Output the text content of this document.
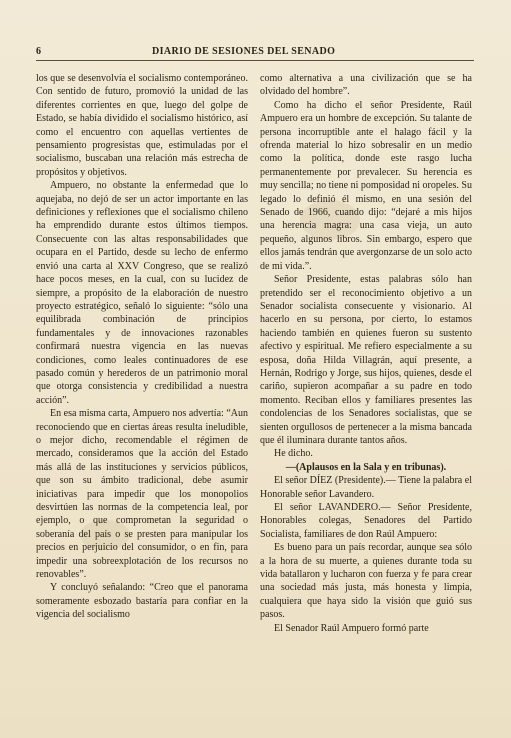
6	DIARIO DE SESIONES DEL SENADO

los que se desenvolvía el socialismo contemporáneo. Con sentido de futuro, promovió la unidad de las diferentes corrientes en que, luego del golpe de Estado, se había dividido el socialismo histórico, así como el encuentro con aquellas vertientes de pensamiento progresistas que, estimuladas por el socialismo, buscaban una relación más estrecha de propósitos y objetivos.

Ampuero, no obstante la enfermedad que lo aquejaba, no dejó de ser un actor importante en las definiciones y reflexiones que el socialismo chileno ha emprendido durante estos últimos tiempos. Consecuente con las altas responsabilidades que ocupara en el Partido, desde su lecho de enfermo envió una carta al XXV Congreso, que se realizó hace pocos meses, en la cual, con su lucidez de siempre, a propósito de la elaboración de nuestro proyecto estratégico, señaló lo siguiente: “sólo una equilibrada combinación de principios fundamentales y de innovaciones razonables confirmará nuestra vigencia en las nuevas condiciones, como leales continuadores de ese pasado común y herederos de un patrimonio moral que otorga consistencia y credibilidad a nuestra acción”.

En esa misma carta, Ampuero nos advertía: “Aun reconociendo que en ciertas áreas resulta ineludible, o mejor dicho, recomendable el régimen de mercado, consideramos que la acción del Estado más allá de las instituciones y servicios públicos, que son su ámbito tradicional, debe asumir iniciativas para impedir que los monopolios desvirtúen las normas de la competencia leal, por ejemplo, o que comprometan la seguridad o soberanía del país o se presten para manipular los precios en perjuicio del consumidor, o en fin, para impedir una sobreexplotación de los recursos no renovables”.

Y concluyó señalando: “Creo que el panorama someramente esbozado bastaría para confiar en la vigencia del socialismo

como alternativa a una civilización que se ha olvidado del hombre”.

Como ha dicho el señor Presidente, Raúl Ampuero era un hombre de excepción. Su talante de persona incorruptible ante el halago fácil y la ofrenda material lo hizo sobresalir en un medio como la política, donde este rasgo lucha permanentemente por prevalecer. Su herencia es muy sencilla; no tiene ni pomposidad ni oropeles. Su legado lo definió él mismo, en una sesión del Senado de 1966, cuando dijo: “dejaré a mis hijos una herencia magra: una casa vieja, un auto pequeño, algunos libros. Sin embargo, espero que ellos jamás tendrán que avergonzarse de un solo acto de mi vida.”.

Señor Presidente, estas palabras sólo han pretendido ser el reconocimiento objetivo a un Senador socialista consecuente y visionario. Al hacerlo en su persona, por cierto, lo estamos haciendo también en quienes fueron su sustento afectivo y espiritual. Me refiero especialmente a su esposa, doña Hilda Villagrán, aquí presente, a Hernán, Rodrigo y Jorge, sus hijos, quienes, desde el cariño, supieron acompañar a su padre en todo momento. Reciban ellos y familiares presentes las condolencias de los Senadores socialistas, que se sienten orgullosos de pertenecer a la misma bancada que él iluminara durante tantos años.

He dicho.

—(Aplausos en la Sala y en tribunas).

El señor DÍEZ (Presidente).— Tiene la palabra el Honorable señor Lavandero.

El señor LAVANDERO.— Señor Presidente, Honorables colegas, Senadores del Partido Socialista, familiares de don Raúl Ampuero:

Es bueno para un país recordar, aunque sea sólo a la hora de su muerte, a quienes durante toda su vida batallaron y lucharon con fuerza y fe para crear una sociedad más justa, más honesta y limpia, cualquiera que haya sido la visión que guió sus pasos.

El Senador Raúl Ampuero formó parte
